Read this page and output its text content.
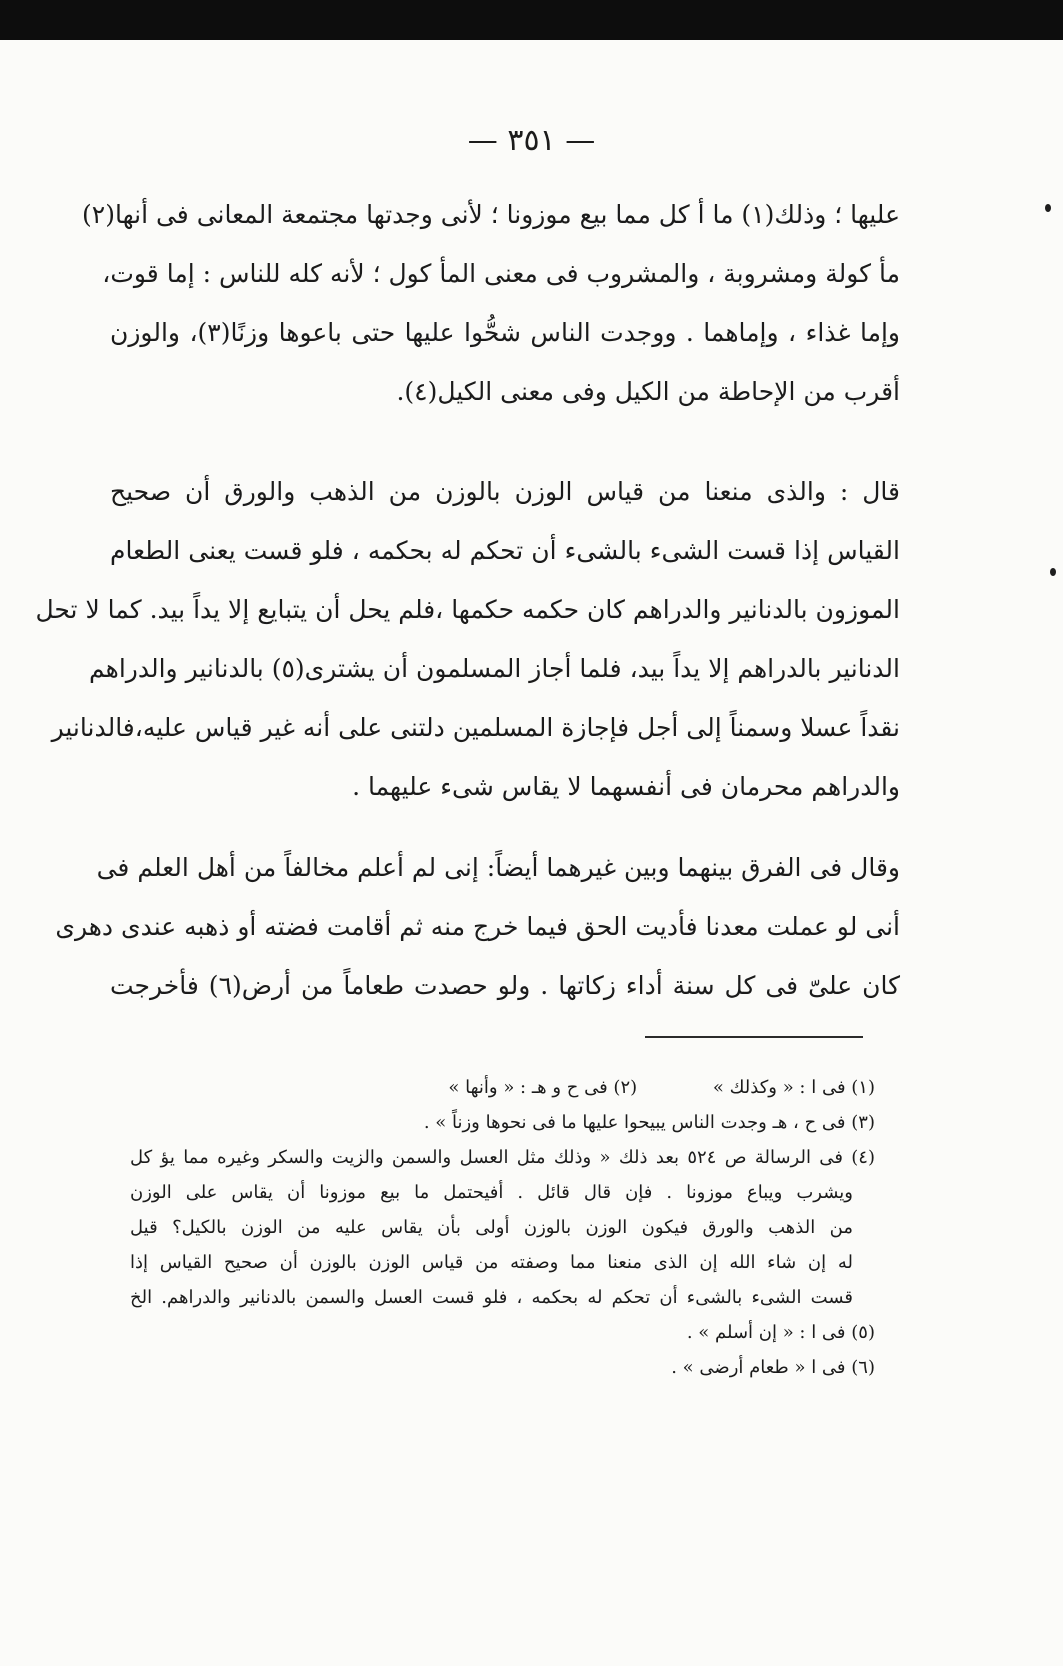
— ٣٥١ —
عليها ؛ وذلك(١) ما أ كل مما بيع موزونا ؛ لأنى وجدتها مجتمعة المعانى فى أنها(٢)
مأ كولة ومشروبة ، والمشروب فى معنى المأ كول ؛ لأنه كله للناس : إما قوت،
وإما غذاء ، وإماهما . ووجدت الناس شحُّوا عليها حتى باعوها وزنًا(٣)، والوزن
أقرب من الإحاطة من الكيل وفى معنى الكيل(٤).
قال : والذى منعنا من قياس الوزن بالوزن من الذهب والورق أن صحيح
القياس إذا قست الشىء بالشىء أن تحكم له بحكمه ، فلو قست يعنى الطعام
الموزون بالدنانير والدراهم كان حكمه حكمها ،فلم يحل أن يتبايع إلا يداً بيد. كما لا تحل
الدنانير بالدراهم إلا يداً بيد، فلما أجاز المسلمون أن يشترى(٥) بالدنانير والدراهم
نقداً عسلا وسمناً إلى أجل فإجازة المسلمين دلتنى على أنه غير قياس عليه،فالدنانير
والدراهم محرمان فى أنفسهما لا يقاس شىء عليهما .
وقال فى الفرق بينهما وبين غيرهما أيضاً: إنى لم أعلم مخالفاً من أهل العلم فى
أنى لو عملت معدنا فأديت الحق فيما خرج منه ثم أقامت فضته أو ذهبه عندى دهرى
كان علىّ فى كل سنة أداء زكاتها . ولو حصدت طعاماً من أرض(٦) فأخرجت
(١) فى ا : « وكذلك » (٢) فى ح و هـ : « وأنها »
(٣) فى ح ، هـ وجدت الناس يبيحوا عليها ما فى نحوها وزناً » .
(٤) فى الرسالة ص ٥٢٤ بعد ذلك « وذلك مثل العسل والسمن والزيت والسكر وغيره مما يؤ كل
ويشرب ويباع موزونا . فإن قال قائل . أفيحتمل ما بيع موزونا أن يقاس على الوزن
من الذهب والورق فيكون الوزن بالوزن أولى بأن يقاس عليه من الوزن بالكيل؟ قيل
له إن شاء الله إن الذى منعنا مما وصفته من قياس الوزن بالوزن أن صحيح القياس إذا
قست الشىء بالشىء أن تحكم له بحكمه ، فلو قست العسل والسمن بالدنانير والدراهم. الخ
(٥) فى ا : « إن أسلم » .
(٦) فى ا « طعام أرضى » .
